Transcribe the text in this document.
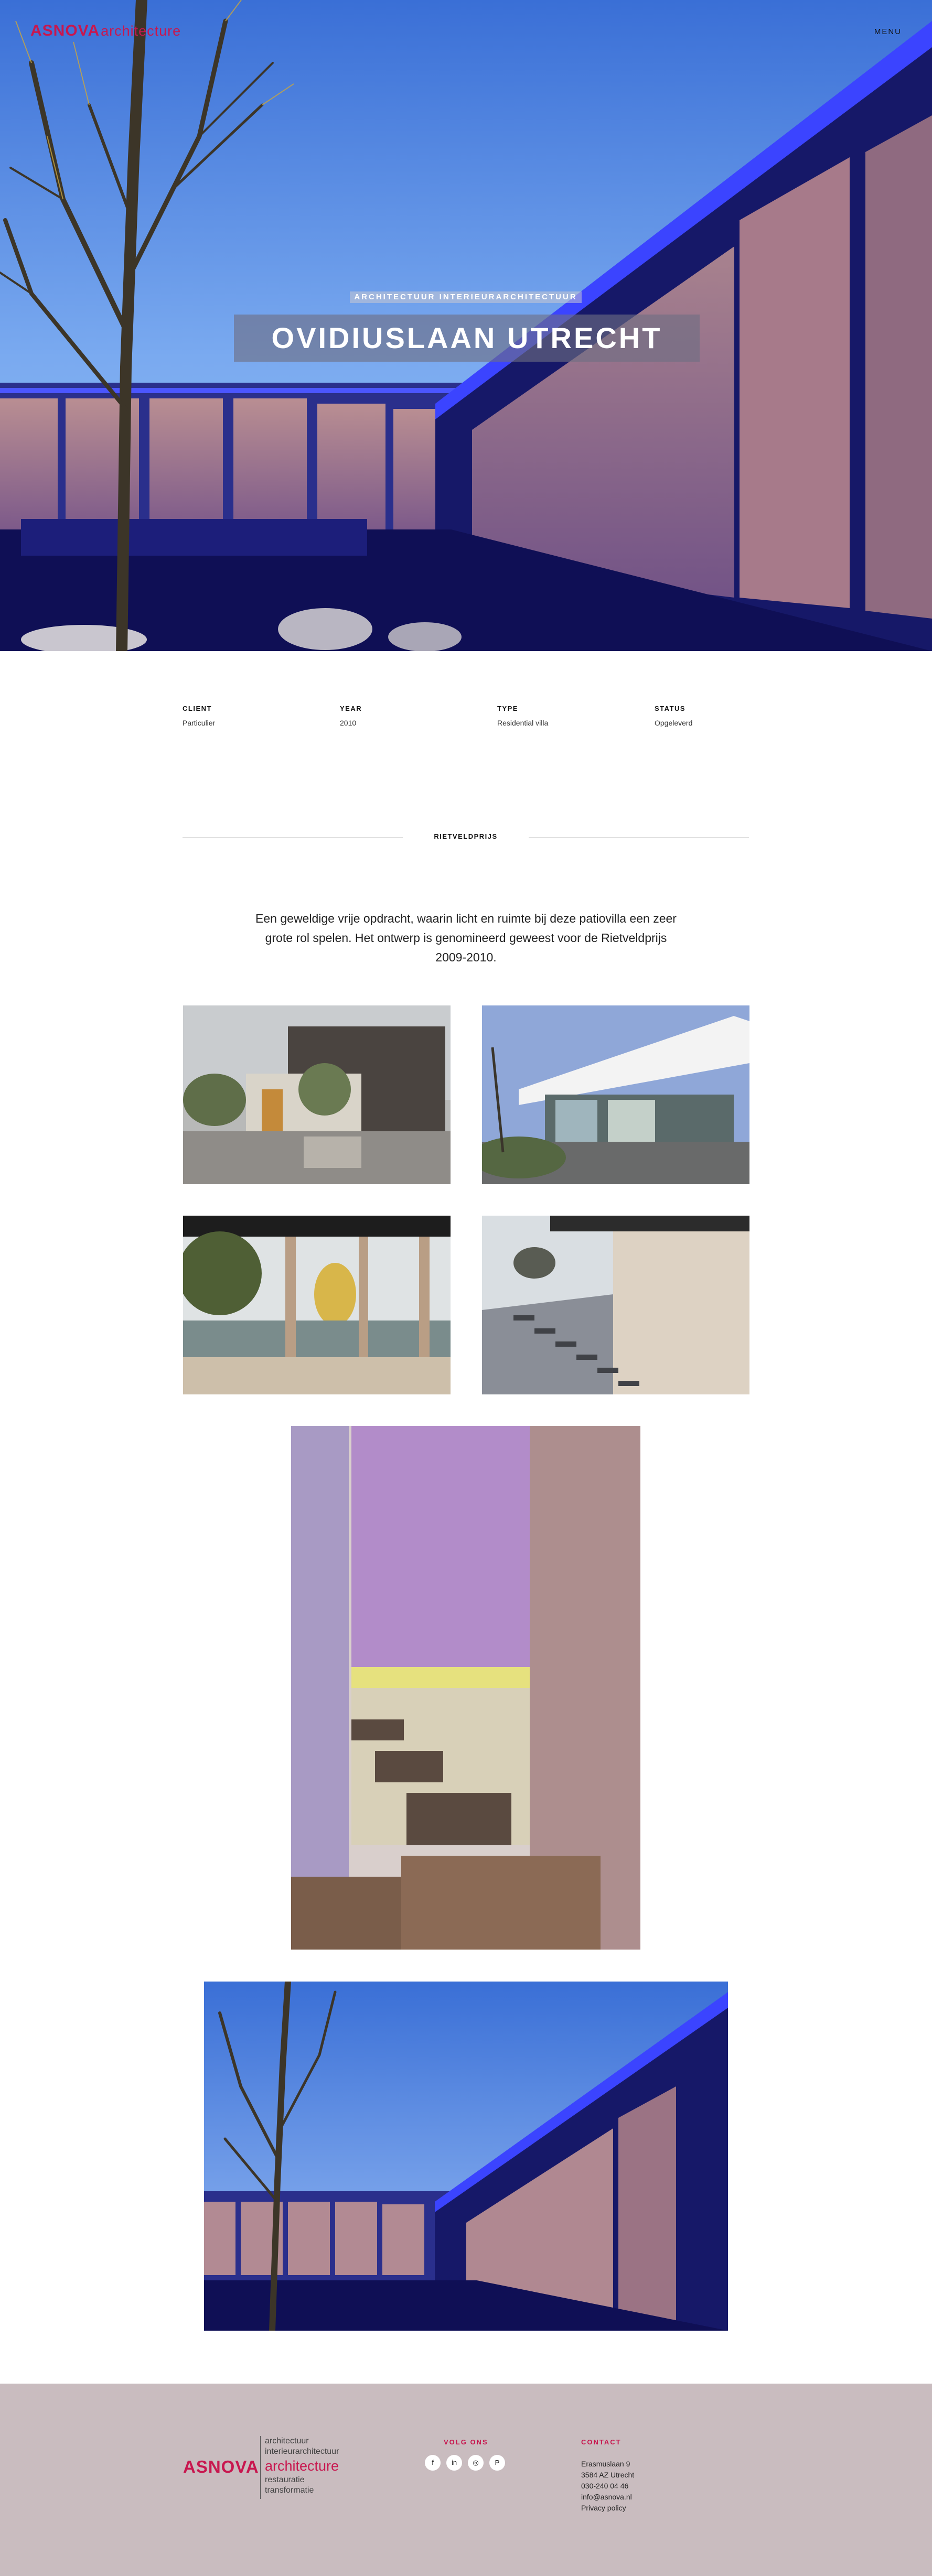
ASNOVAarchitecture	MENU
ARCHITECTUUR INTERIEURARCHITECTUUR
OVIDIUSLAAN UTRECHT
CLIENT
Particulier
YEAR
2010
TYPE
Residential villa
STATUS
Opgeleverd
RIETVELDPRIJS

Een geweldige vrije opdracht, waarin licht en ruimte bij deze patiovilla een zeer grote rol spelen. Het ontwerp is genomineerd geweest voor de Rietveldprijs 2009-2010.

ASNOVA
architectuur
interieurarchitectuur
architecture
restauratie
transformatie
VOLG ONS
f	in ◎ P
CONTACT
Erasmuslaan 9
3584 AZ Utrecht
030-240 04 46
info@asnova.nl
Privacy policy
